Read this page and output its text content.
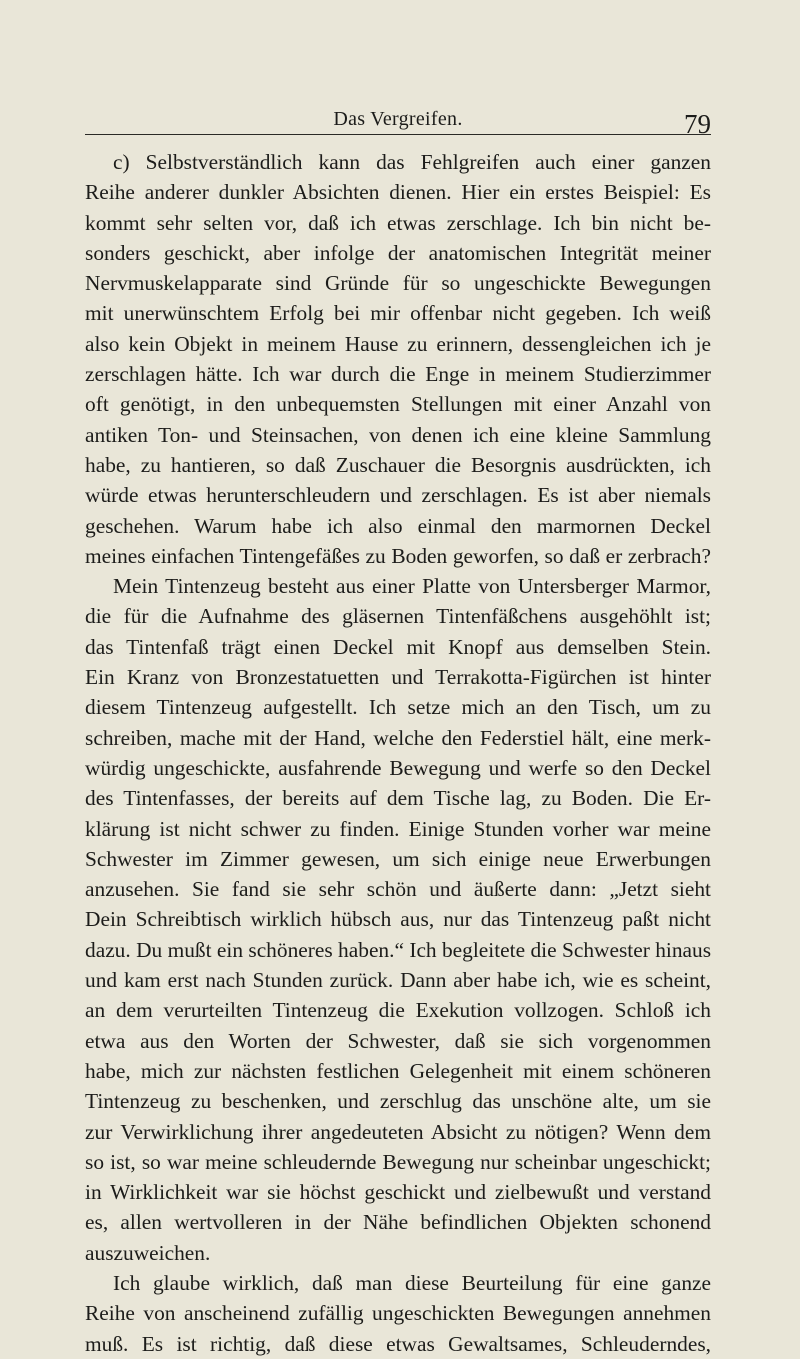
Das Vergreifen.	79
c) Selbstverständlich kann das Fehlgreifen auch einer ganzen
Reihe anderer dunkler Absichten dienen. Hier ein erstes Beispiel: Es
kommt sehr selten vor, daß ich etwas zerschlage. Ich bin nicht be-
sonders geschickt, aber infolge der anatomischen Integrität meiner
Nervmuskelapparate sind Gründe für so ungeschickte Bewegungen
mit unerwünschtem Erfolg bei mir offenbar nicht gegeben. Ich weiß
also kein Objekt in meinem Hause zu erinnern, dessengleichen ich je
zerschlagen hätte. Ich war durch die Enge in meinem Studierzimmer
oft genötigt, in den unbequemsten Stellungen mit einer Anzahl von
antiken Ton- und Steinsachen, von denen ich eine kleine Sammlung
habe, zu hantieren, so daß Zuschauer die Besorgnis ausdrückten, ich
würde etwas herunterschleudern und zerschlagen. Es ist aber niemals
geschehen. Warum habe ich also einmal den marmornen Deckel
meines einfachen Tintengefäßes zu Boden geworfen, so daß er zerbrach?
Mein Tintenzeug besteht aus einer Platte von Untersberger Marmor,
die für die Aufnahme des gläsernen Tintenfäßchens ausgehöhlt ist;
das Tintenfaß trägt einen Deckel mit Knopf aus demselben Stein.
Ein Kranz von Bronzestatuetten und Terrakotta-Figürchen ist hinter
diesem Tintenzeug aufgestellt. Ich setze mich an den Tisch, um zu
schreiben, mache mit der Hand, welche den Federstiel hält, eine merk-
würdig ungeschickte, ausfahrende Bewegung und werfe so den Deckel
des Tintenfasses, der bereits auf dem Tische lag, zu Boden. Die Er-
klärung ist nicht schwer zu finden. Einige Stunden vorher war meine
Schwester im Zimmer gewesen, um sich einige neue Erwerbungen
anzusehen. Sie fand sie sehr schön und äußerte dann: „Jetzt sieht
Dein Schreibtisch wirklich hübsch aus, nur das Tintenzeug paßt nicht
dazu. Du mußt ein schöneres haben.“ Ich begleitete die Schwester hinaus
und kam erst nach Stunden zurück. Dann aber habe ich, wie es scheint,
an dem verurteilten Tintenzeug die Exekution vollzogen. Schloß ich
etwa aus den Worten der Schwester, daß sie sich vorgenommen
habe, mich zur nächsten festlichen Gelegenheit mit einem schöneren
Tintenzeug zu beschenken, und zerschlug das unschöne alte, um sie
zur Verwirklichung ihrer angedeuteten Absicht zu nötigen? Wenn dem
so ist, so war meine schleudernde Bewegung nur scheinbar ungeschickt;
in Wirklichkeit war sie höchst geschickt und zielbewußt und verstand
es, allen wertvolleren in der Nähe befindlichen Objekten schonend
auszuweichen.
Ich glaube wirklich, daß man diese Beurteilung für eine ganze
Reihe von anscheinend zufällig ungeschickten Bewegungen annehmen
muß. Es ist richtig, daß diese etwas Gewaltsames, Schleuderndes,
